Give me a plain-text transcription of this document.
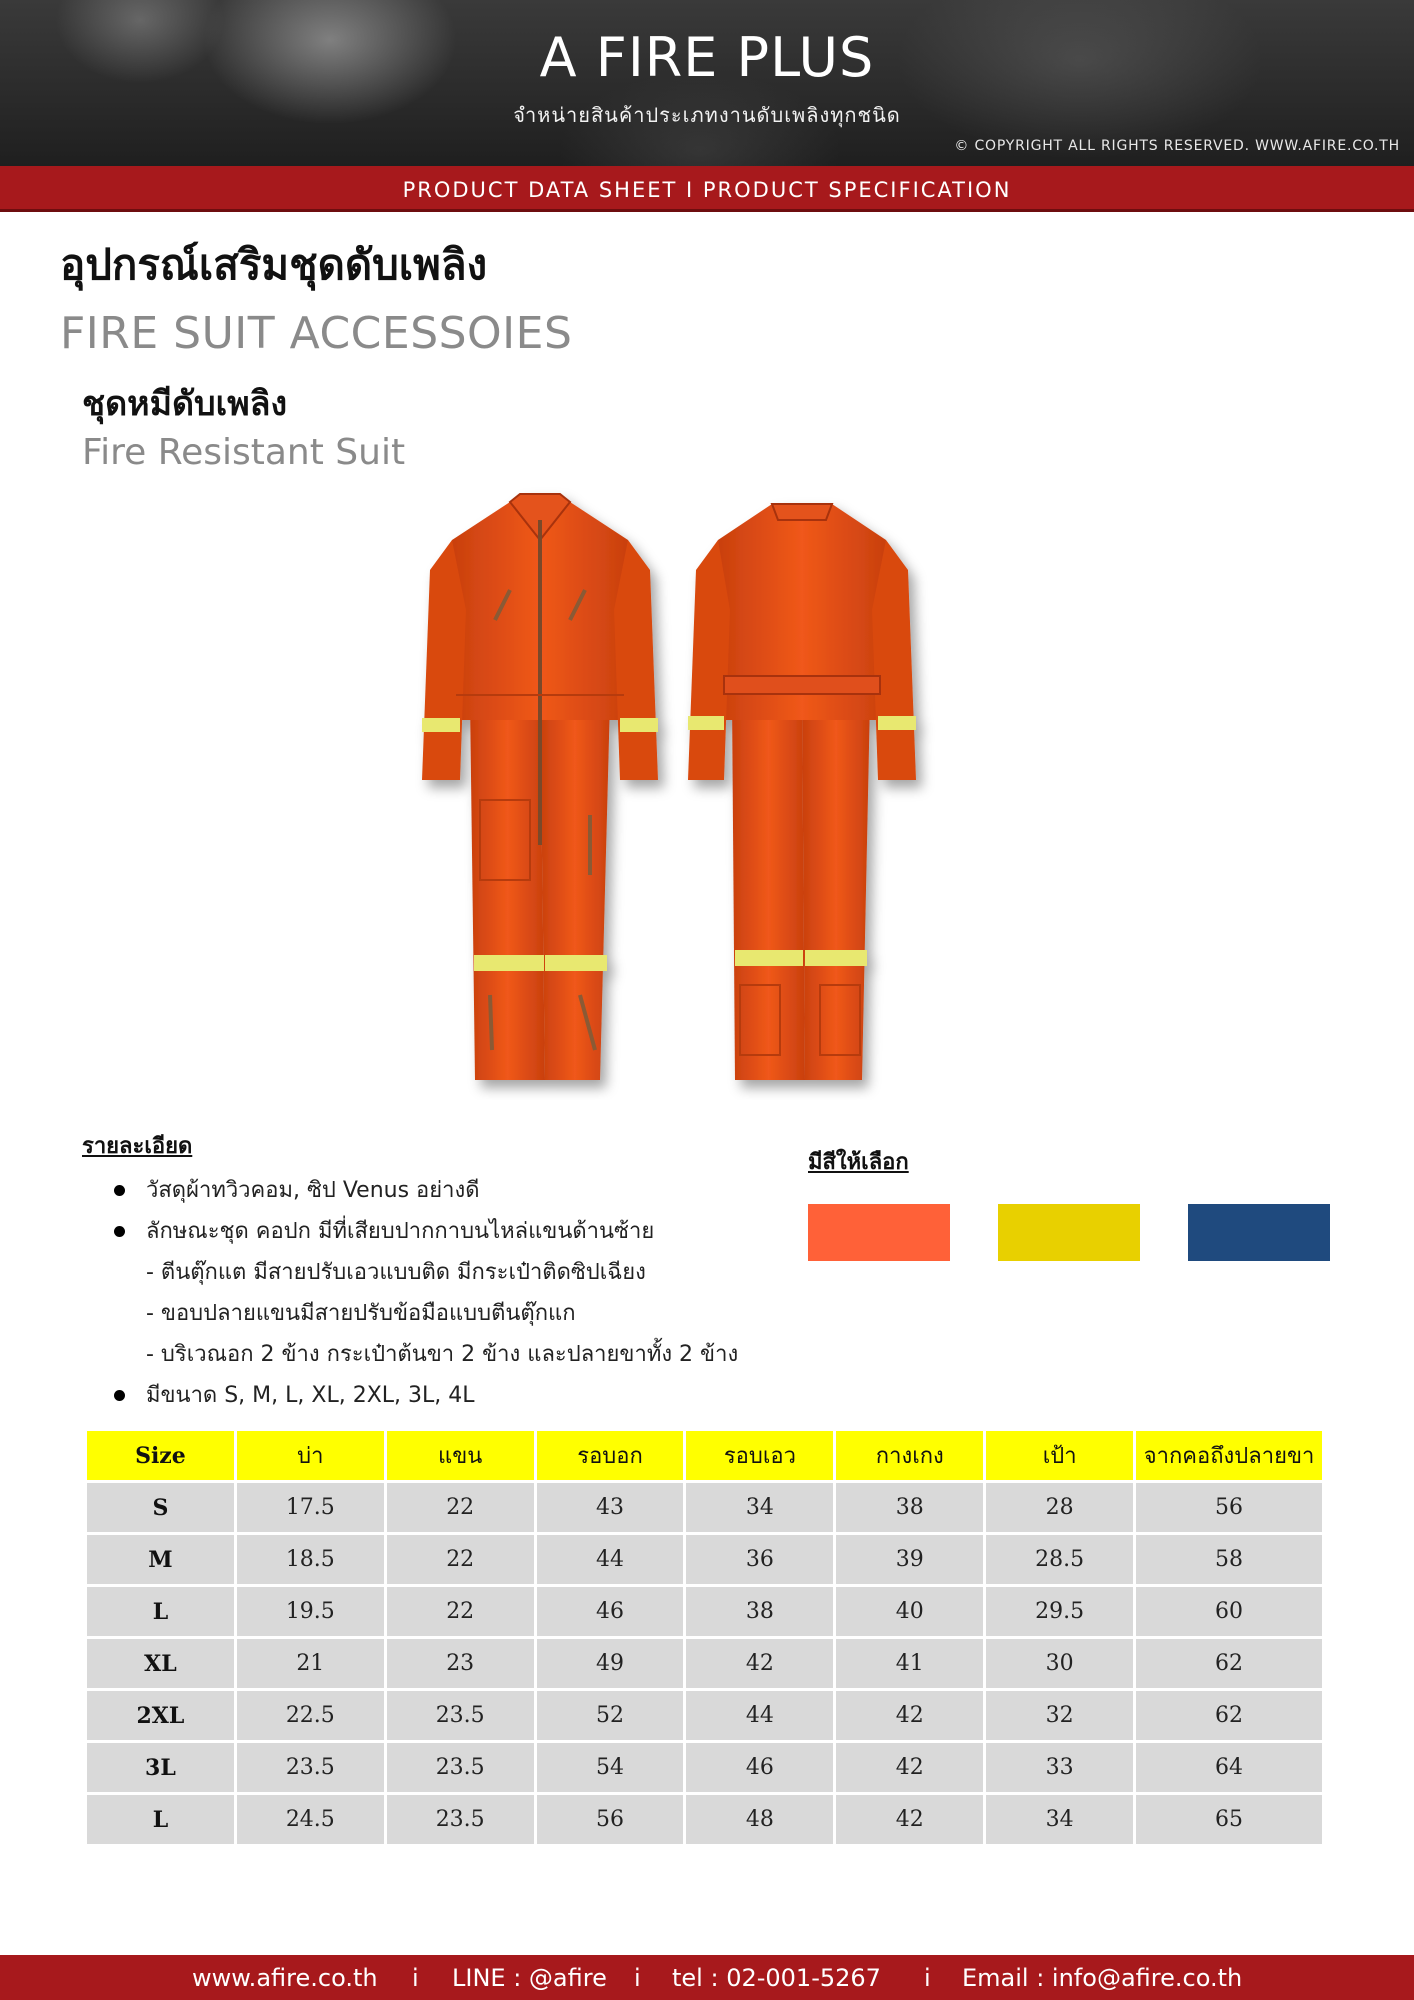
A FIRE PLUS
จำหน่ายสินค้าประเภทงานดับเพลิงทุกชนิด
© COPYRIGHT ALL RIGHTS RESERVED. WWW.AFIRE.CO.TH
PRODUCT DATA SHEET I PRODUCT SPECIFICATION
อุปกรณ์เสริมชุดดับเพลิง
FIRE SUIT ACCESSOIES
ชุดหมีดับเพลิง
Fire Resistant Suit
รายละเอียด
วัสดุผ้าทวิวคอม, ซิป Venus อย่างดี
ลักษณะชุด คอปก มีที่เสียบปากกาบนไหล่แขนด้านซ้าย
- ตีนตุ๊กแต มีสายปรับเอวแบบติด มีกระเป๋าติดซิปเฉียง
- ขอบปลายแขนมีสายปรับข้อมือแบบตีนตุ๊กแก
- บริเวณอก 2 ข้าง กระเป๋าต้นขา 2 ข้าง และปลายขาทั้ง 2 ข้าง
มีขนาด S, M, L, XL, 2XL, 3L, 4L
มีสีให้เลือก
Size	บ่า	แขน	รอบอก	รอบเอว	กางเกง	เป้า	จากคอถึงปลายขา
S	17.5	22	43	34	38	28	56
M	18.5	22	44	36	39	28.5	58
L	19.5	22	46	38	40	29.5	60
XL	21	23	49	42	41	30	62
2XL	22.5	23.5	52	44	42	32	62
3L	23.5	23.5	54	46	42	33	64
L	24.5	23.5	56	48	42	34	65
www.afire.co.th i LINE : @afire i tel : 02-001-5267 i Email : info@afire.co.th
